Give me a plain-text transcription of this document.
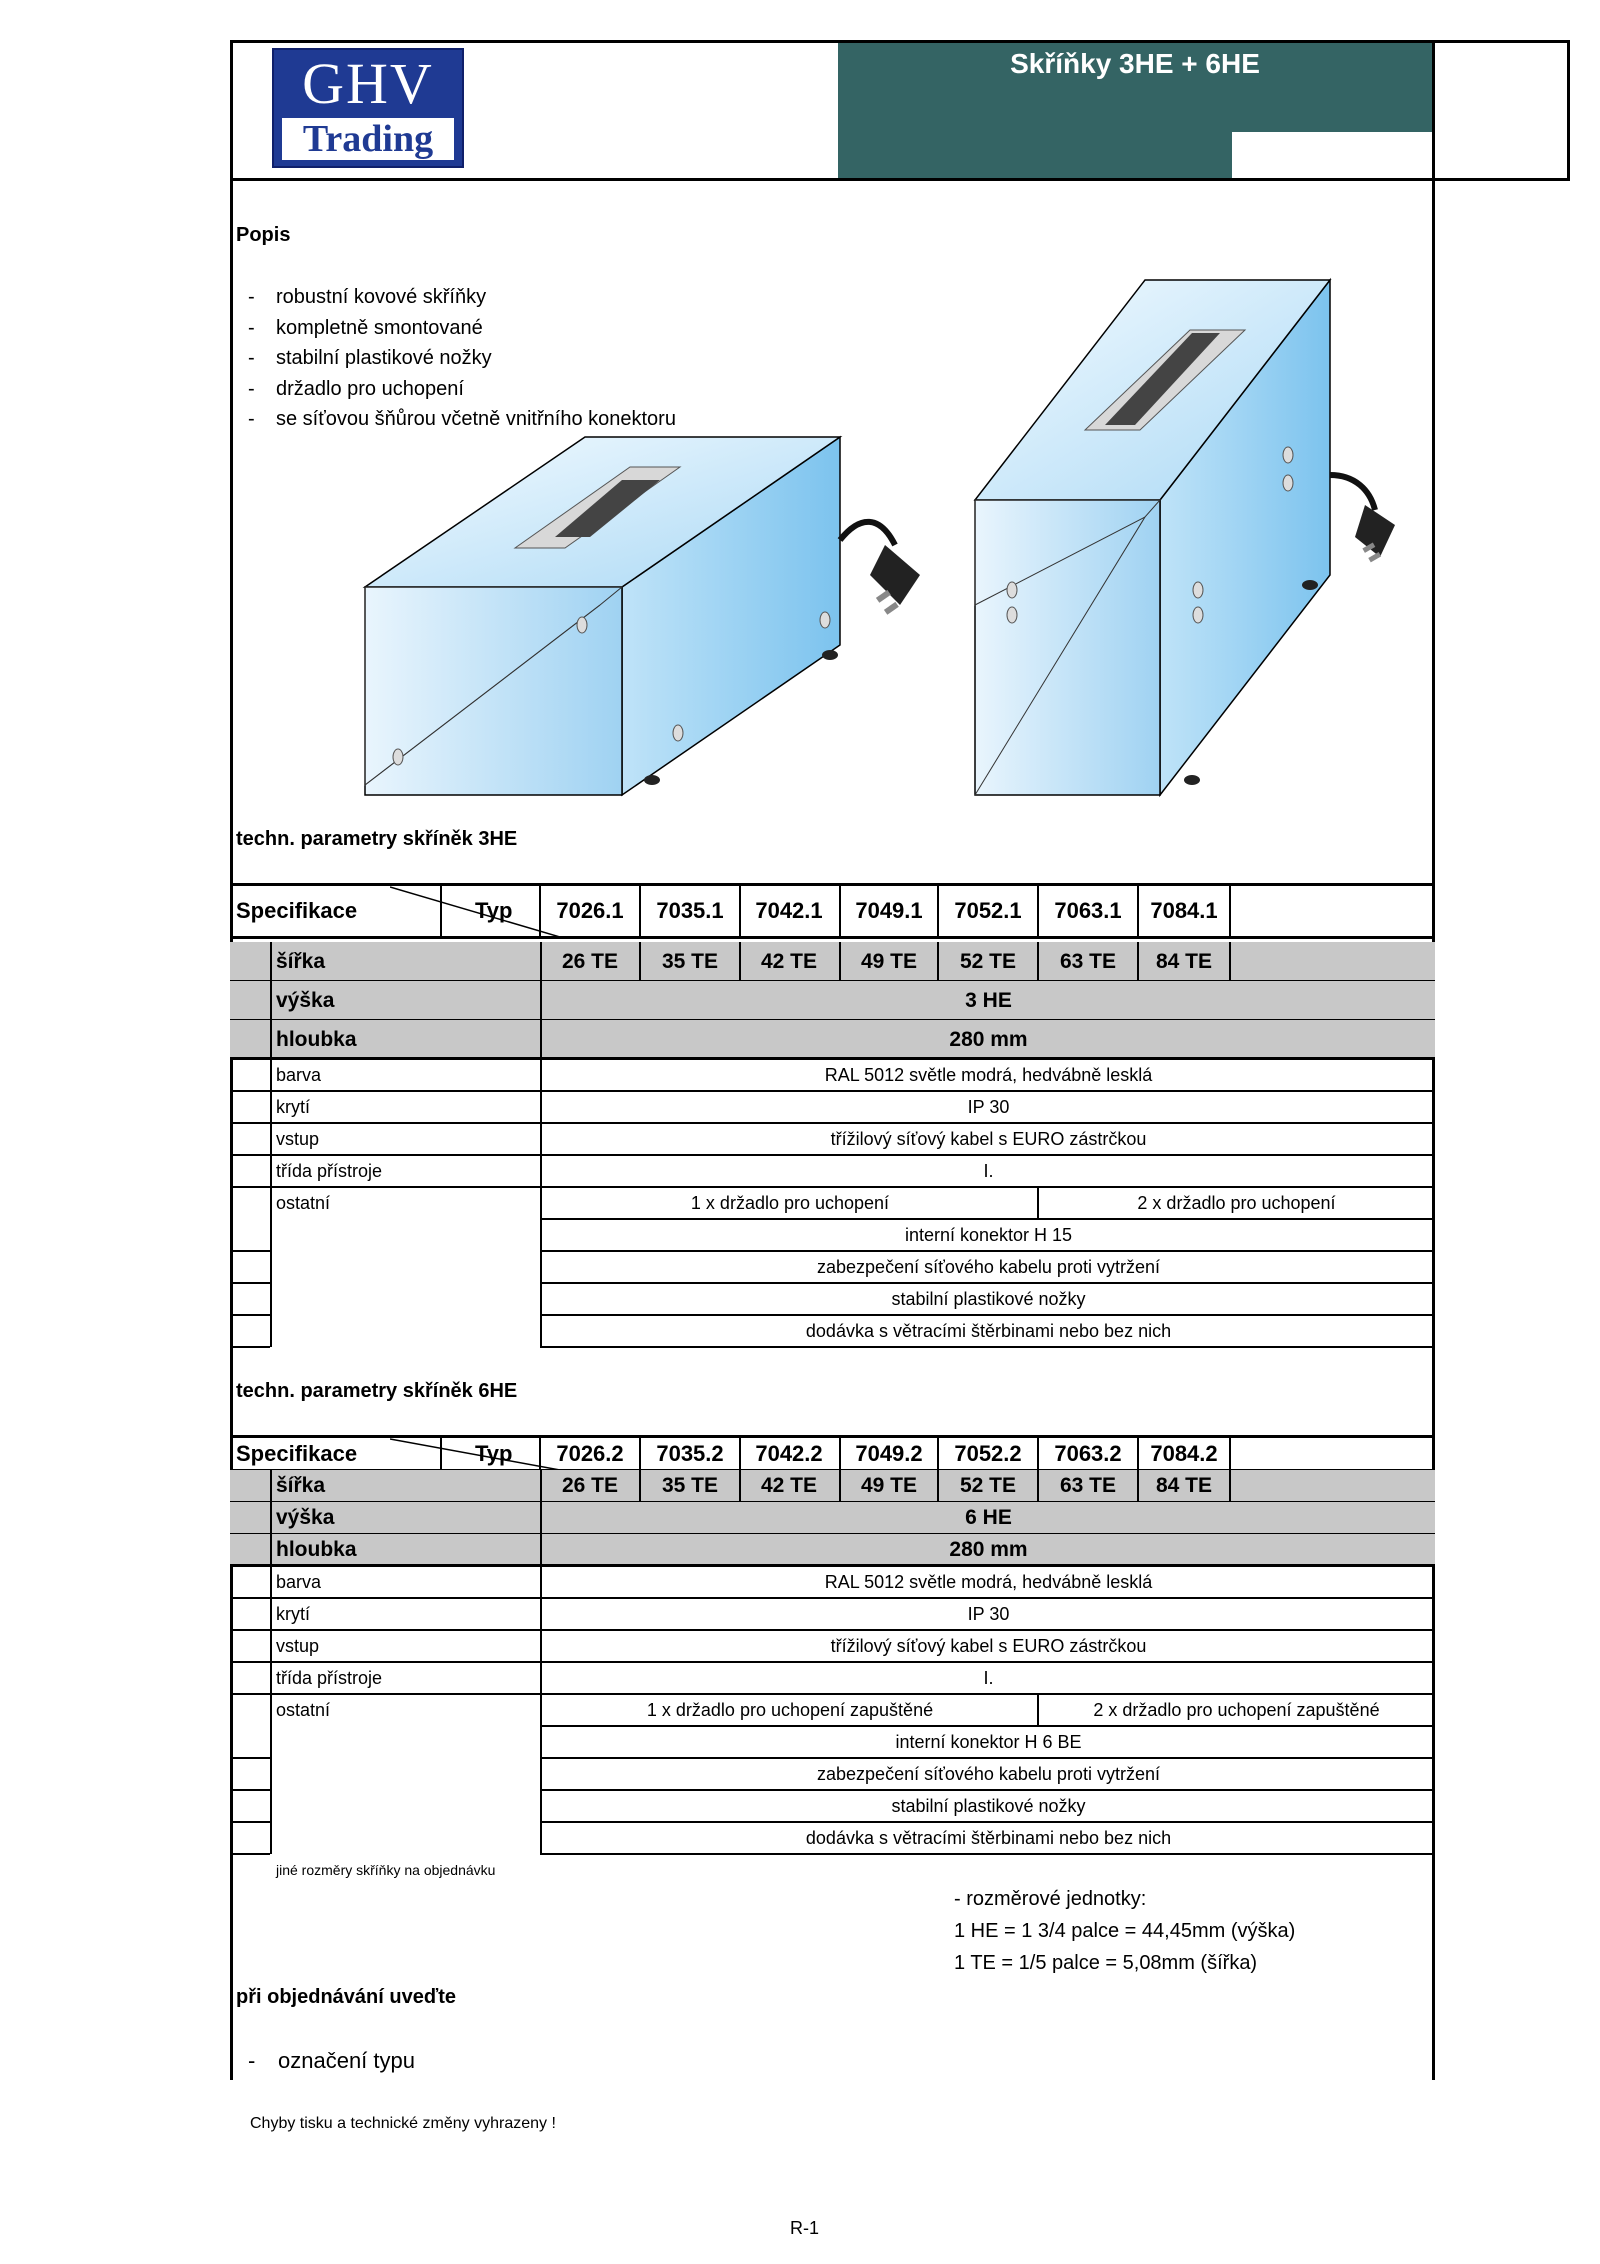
Skříňky 3HE + 6HE
GHV
Trading
Popis
- robustní kovové skříňky
- kompletně smontované
- stabilní plastikové nožky
- držadlo pro uchopení
- se síťovou šňůrou včetně vnitřního konektoru
techn. parametry skříněk 3HE
Specifikace	Typ	7026.1	7035.1	7042.1	7049.1	7052.1	7063.1	7084.1
šířka	26 TE	35 TE	42 TE	49 TE	52 TE	63 TE	84 TE
výška	3 HE
hloubka	280 mm
barva	RAL 5012 světle modrá, hedvábně lesklá
krytí	IP 30
vstup	třížilový síťový kabel s EURO zástrčkou
třída přístroje	I.
ostatní	1 x držadlo pro uchopení	2 x držadlo pro uchopení
interní konektor H 15
zabezpečení síťového kabelu proti vytržení
stabilní plastikové nožky
dodávka s větracími štěrbinami nebo bez nich
techn. parametry skříněk 6HE
Specifikace	Typ	7026.2	7035.2	7042.2	7049.2	7052.2	7063.2	7084.2
šířka	26 TE	35 TE	42 TE	49 TE	52 TE	63 TE	84 TE
výška	6 HE
hloubka	280 mm
barva	RAL 5012 světle modrá, hedvábně lesklá
krytí	IP 30
vstup	třížilový síťový kabel s EURO zástrčkou
třída přístroje	I.
ostatní	1 x držadlo pro uchopení zapuštěné	2 x držadlo pro uchopení zapuštěné
interní konektor H 6 BE
zabezpečení síťového kabelu proti vytržení
stabilní plastikové nožky
dodávka s větracími štěrbinami nebo bez nich
jiné rozměry skříňky na objednávku
- rozměrové jednotky:
1 HE = 1 3/4 palce = 44,45mm (výška)
1 TE = 1/5 palce = 5,08mm (šířka)
při objednávání uveďte
- označení typu
Chyby tisku a technické změny vyhrazeny !
R-1
